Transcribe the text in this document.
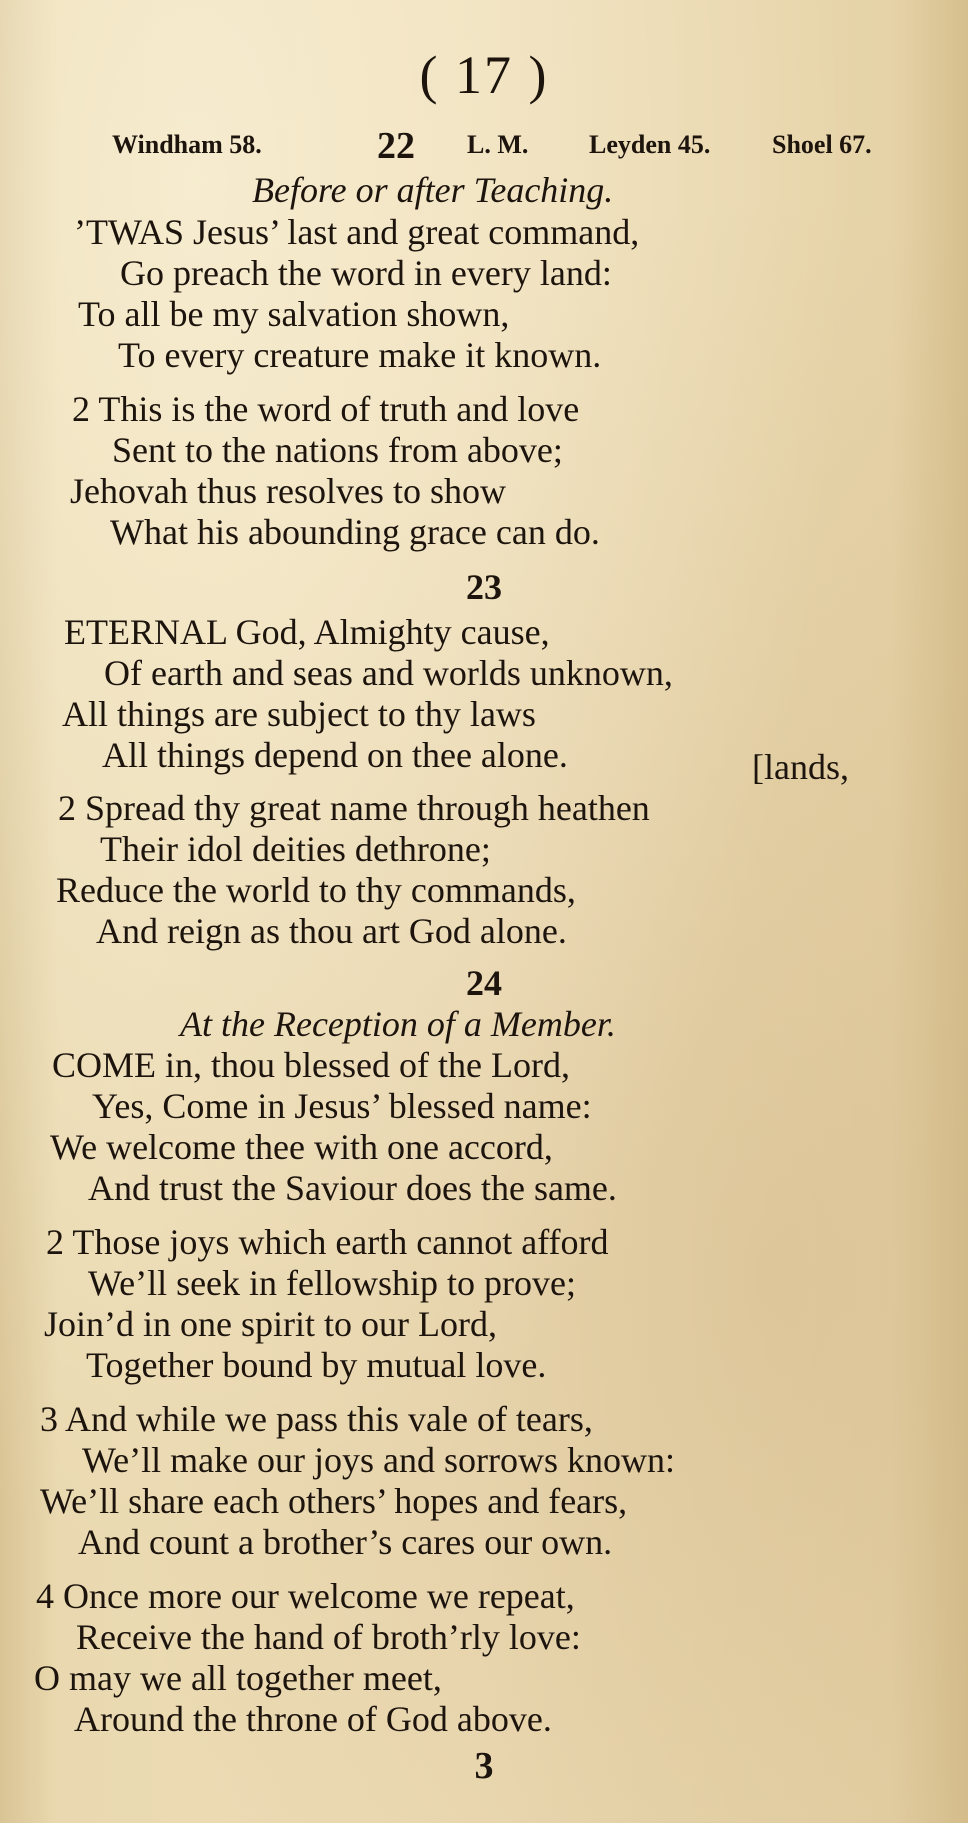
( 17 )
Windham 58.	22 L. M. Leyden 45. Shoel 67.
Before or after Teaching.
’TWAS Jesus’ last and great command,
Go preach the word in every land:
To all be my salvation shown,
To every creature make it known.
2 This is the word of truth and love
Sent to the nations from above;
Jehovah thus resolves to show
What his abounding grace can do.
23
ETERNAL God, Almighty cause,
Of earth and seas and worlds unknown,
All things are subject to thy laws
All things depend on thee alone.	[lands,
2 Spread thy great name through heathen
Their idol deities dethrone;
Reduce the world to thy commands,
And reign as thou art God alone.
24
At the Reception of a Member.
COME in, thou blessed of the Lord,
Yes, Come in Jesus’ blessed name:
We welcome thee with one accord,
And trust the Saviour does the same.
2 Those joys which earth cannot afford
We’ll seek in fellowship to prove;
Join’d in one spirit to our Lord,
Together bound by mutual love.
3 And while we pass this vale of tears,
We’ll make our joys and sorrows known:
We’ll share each others’ hopes and fears,
And count a brother’s cares our own.
4 Once more our welcome we repeat,
Receive the hand of broth’rly love:
O may we all together meet,
Around the throne of God above.
3
